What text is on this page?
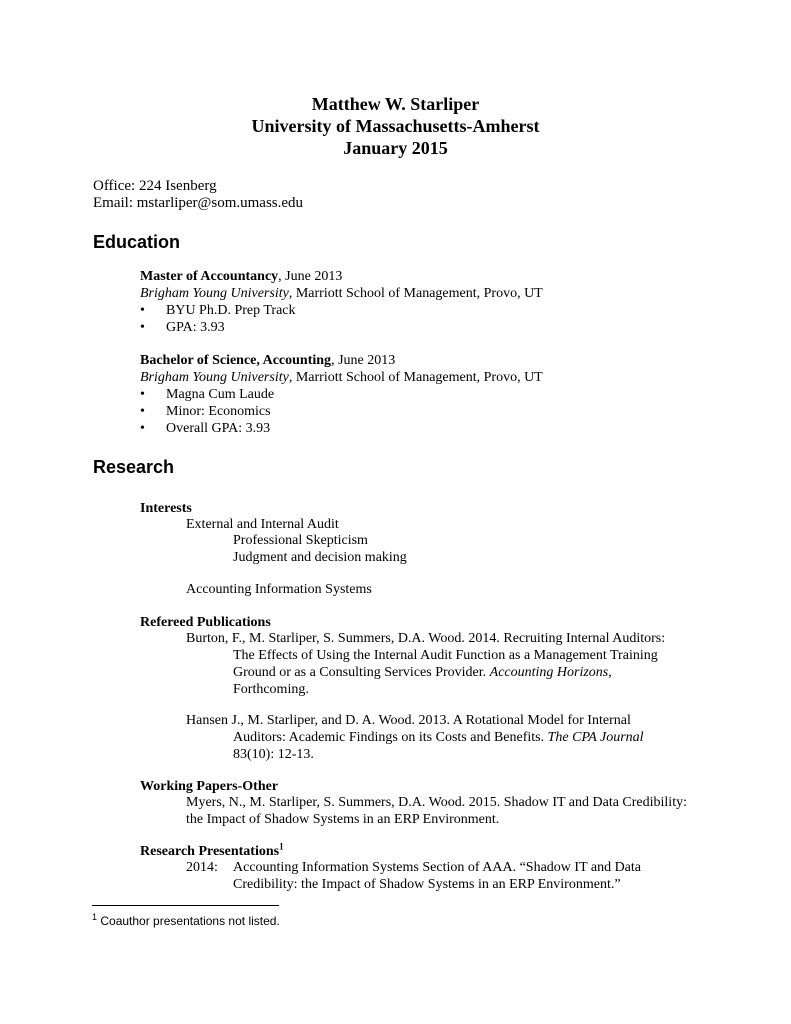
Matthew W. Starliper
University of Massachusetts-Amherst
January 2015
Office: 224 Isenberg
Email: mstarliper@som.umass.edu
Education
Master of Accountancy, June 2013
Brigham Young University, Marriott School of Management, Provo, UT
• BYU Ph.D. Prep Track
• GPA: 3.93
Bachelor of Science, Accounting, June 2013
Brigham Young University, Marriott School of Management, Provo, UT
• Magna Cum Laude
• Minor: Economics
• Overall GPA: 3.93
Research
Interests
External and Internal Audit
Professional Skepticism
Judgment and decision making
Accounting Information Systems
Refereed Publications
Burton, F., M. Starliper, S. Summers, D.A. Wood. 2014. Recruiting Internal Auditors:
The Effects of Using the Internal Audit Function as a Management Training
Ground or as a Consulting Services Provider. Accounting Horizons,
Forthcoming.
Hansen J., M. Starliper, and D. A. Wood. 2013. A Rotational Model for Internal
Auditors: Academic Findings on its Costs and Benefits. The CPA Journal
83(10): 12-13.
Working Papers-Other
Myers, N., M. Starliper, S. Summers, D.A. Wood. 2015. Shadow IT and Data Credibility:
the Impact of Shadow Systems in an ERP Environment.
Research Presentations$^1$
2014: Accounting Information Systems Section of AAA. “Shadow IT and Data
Credibility: the Impact of Shadow Systems in an ERP Environment.”
$^1$ Coauthor presentations not listed.
